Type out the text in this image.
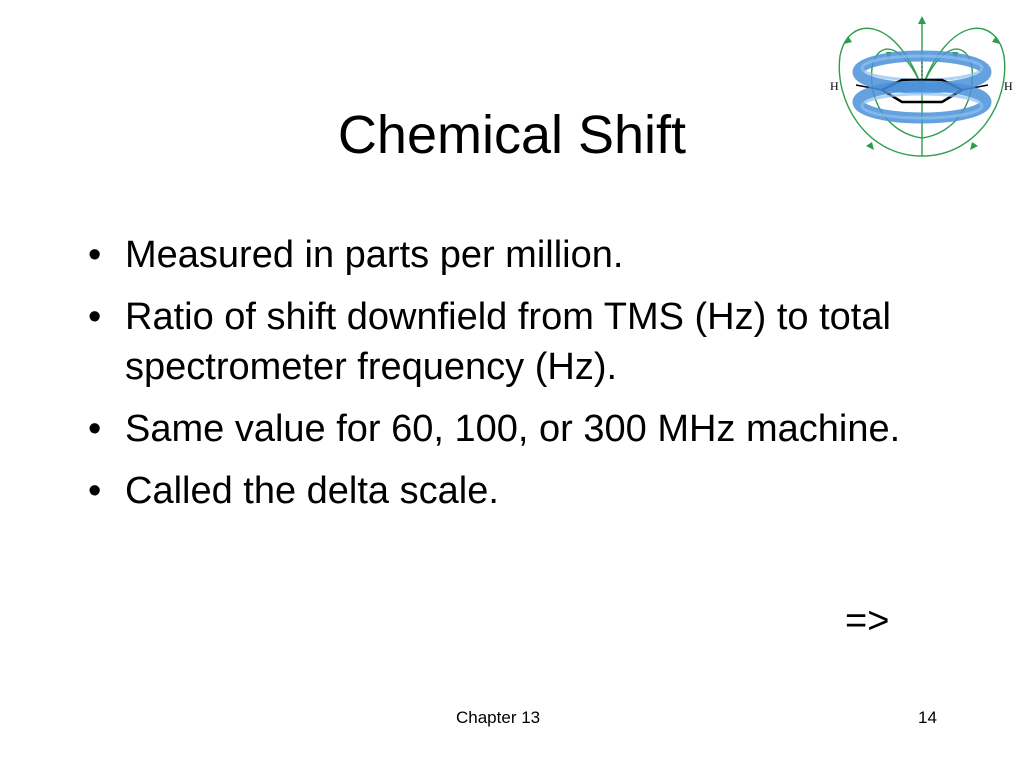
Chemical Shift
H	H
• Measured in parts per million.
• Ratio of shift downfield from TMS (Hz) to total spectrometer frequency (Hz).
• Same value for 60, 100, or 300 MHz machine.
• Called the delta scale.
=>
Chapter 13	14
